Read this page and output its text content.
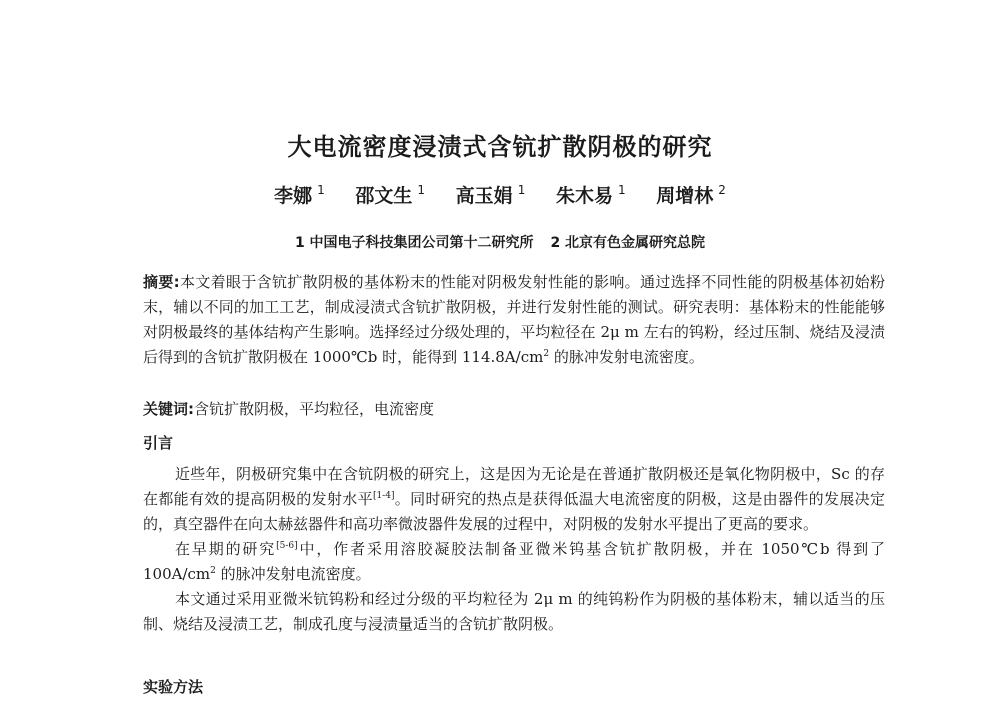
大电流密度浸渍式含钪扩散阴极的研究
李娜 $^1$ 邵文生 $^1$ 高玉娟 $^1$ 朱木易 $^1$ 周增林 $^2$
1 中国电子科技集团公司第十二研究所 2 北京有色金属研究总院
摘要:本文着眼于含钪扩散阴极的基体粉末的性能对阴极发射性能的影响。通过选择不同性能的阴极基体初始粉末，辅以不同的加工工艺，制成浸渍式含钪扩散阴极，并进行发射性能的测试。研究表明：基体粉末的性能能够对阴极最终的基体结构产生影响。选择经过分级处理的，平均粒径在 2μ m 左右的钨粉，经过压制、烧结及浸渍后得到的含钪扩散阴极在 1000℃b 时，能得到 $114.8A/cm^2$ 的脉冲发射电流密度。
关键词:含钪扩散阴极，平均粒径，电流密度
引言

近些年，阴极研究集中在含钪阴极的研究上，这是因为无论是在普通扩散阴极还是氧化物阴极中，Sc 的存在都能有效的提高阴极的发射水平[1-4]。同时研究的热点是获得低温大电流密度的阴极，这是由器件的发展决定的，真空器件在向太赫兹器件和高功率微波器件发展的过程中，对阴极的发射水平提出了更高的要求。

在早期的研究[5-6]中，作者采用溶胶凝胶法制备亚微米钨基含钪扩散阴极，并在 1050℃b 得到了 $100A/cm^2$ 的脉冲发射电流密度。

本文通过采用亚微米钪钨粉和经过分级的平均粒径为 2μ m 的纯钨粉作为阴极的基体粉末，辅以适当的压制、烧结及浸渍工艺，制成孔度与浸渍量适当的含钪扩散阴极。

实验方法
